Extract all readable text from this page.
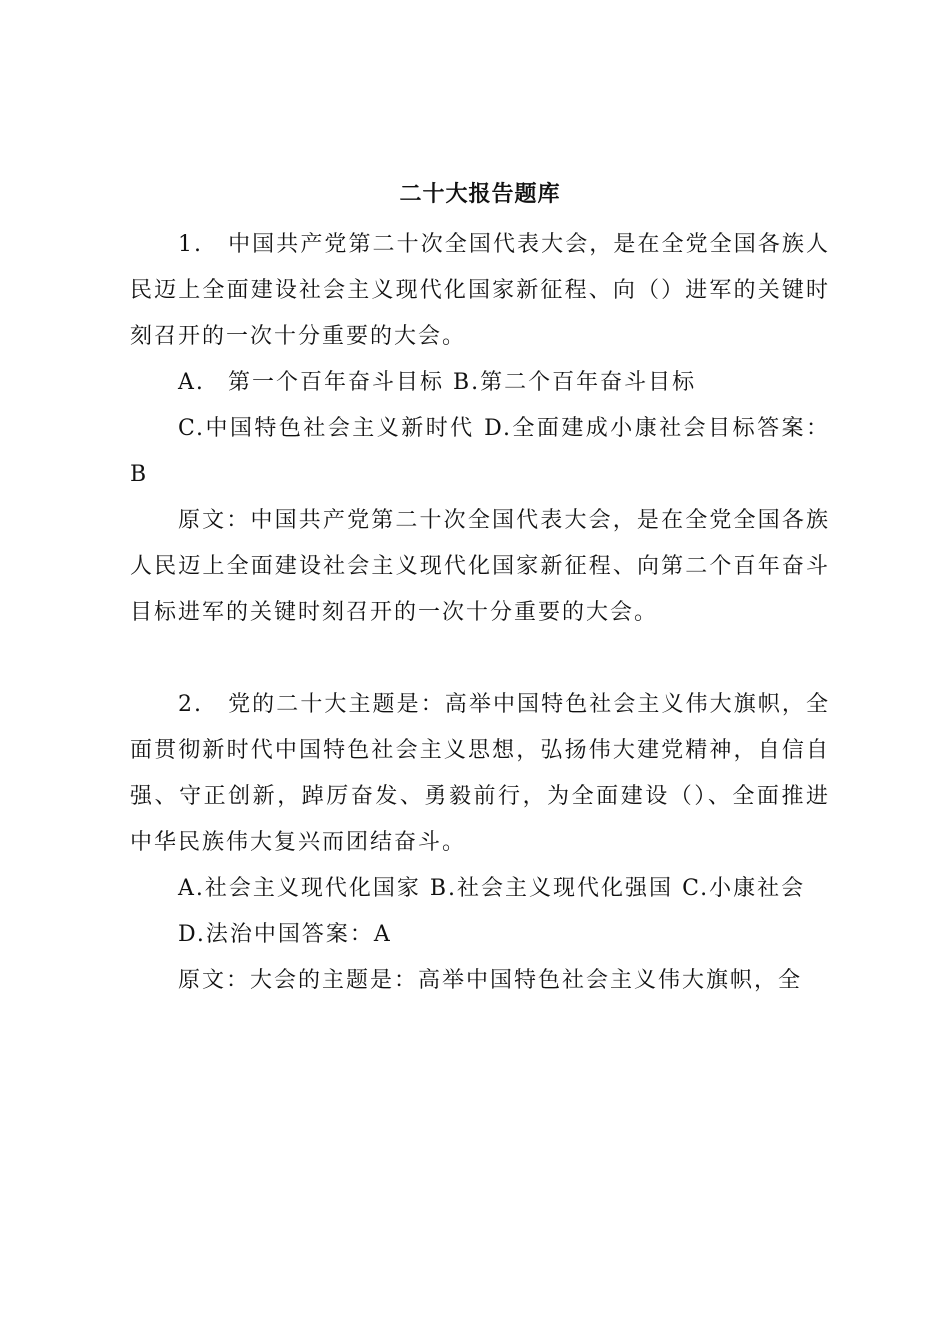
二十大报告题库

1. 中国共产党第二十次全国代表大会，是在全党全国各族人民迈上全面建设社会主义现代化国家新征程、向（）进军的关键时刻召开的一次十分重要的大会。

A. 第一个百年奋斗目标 B.第二个百年奋斗目标

C.中国特色社会主义新时代 D.全面建成小康社会目标答案：B

原文：中国共产党第二十次全国代表大会，是在全党全国各族人民迈上全面建设社会主义现代化国家新征程、向第二个百年奋斗目标进军的关键时刻召开的一次十分重要的大会。

2. 党的二十大主题是：高举中国特色社会主义伟大旗帜，全面贯彻新时代中国特色社会主义思想，弘扬伟大建党精神，自信自强、守正创新，踔厉奋发、勇毅前行，为全面建设（）、全面推进中华民族伟大复兴而团结奋斗。

A.社会主义现代化国家 B.社会主义现代化强国 C.小康社会

D.法治中国答案：A

原文：大会的主题是：高举中国特色社会主义伟大旗帜，全
